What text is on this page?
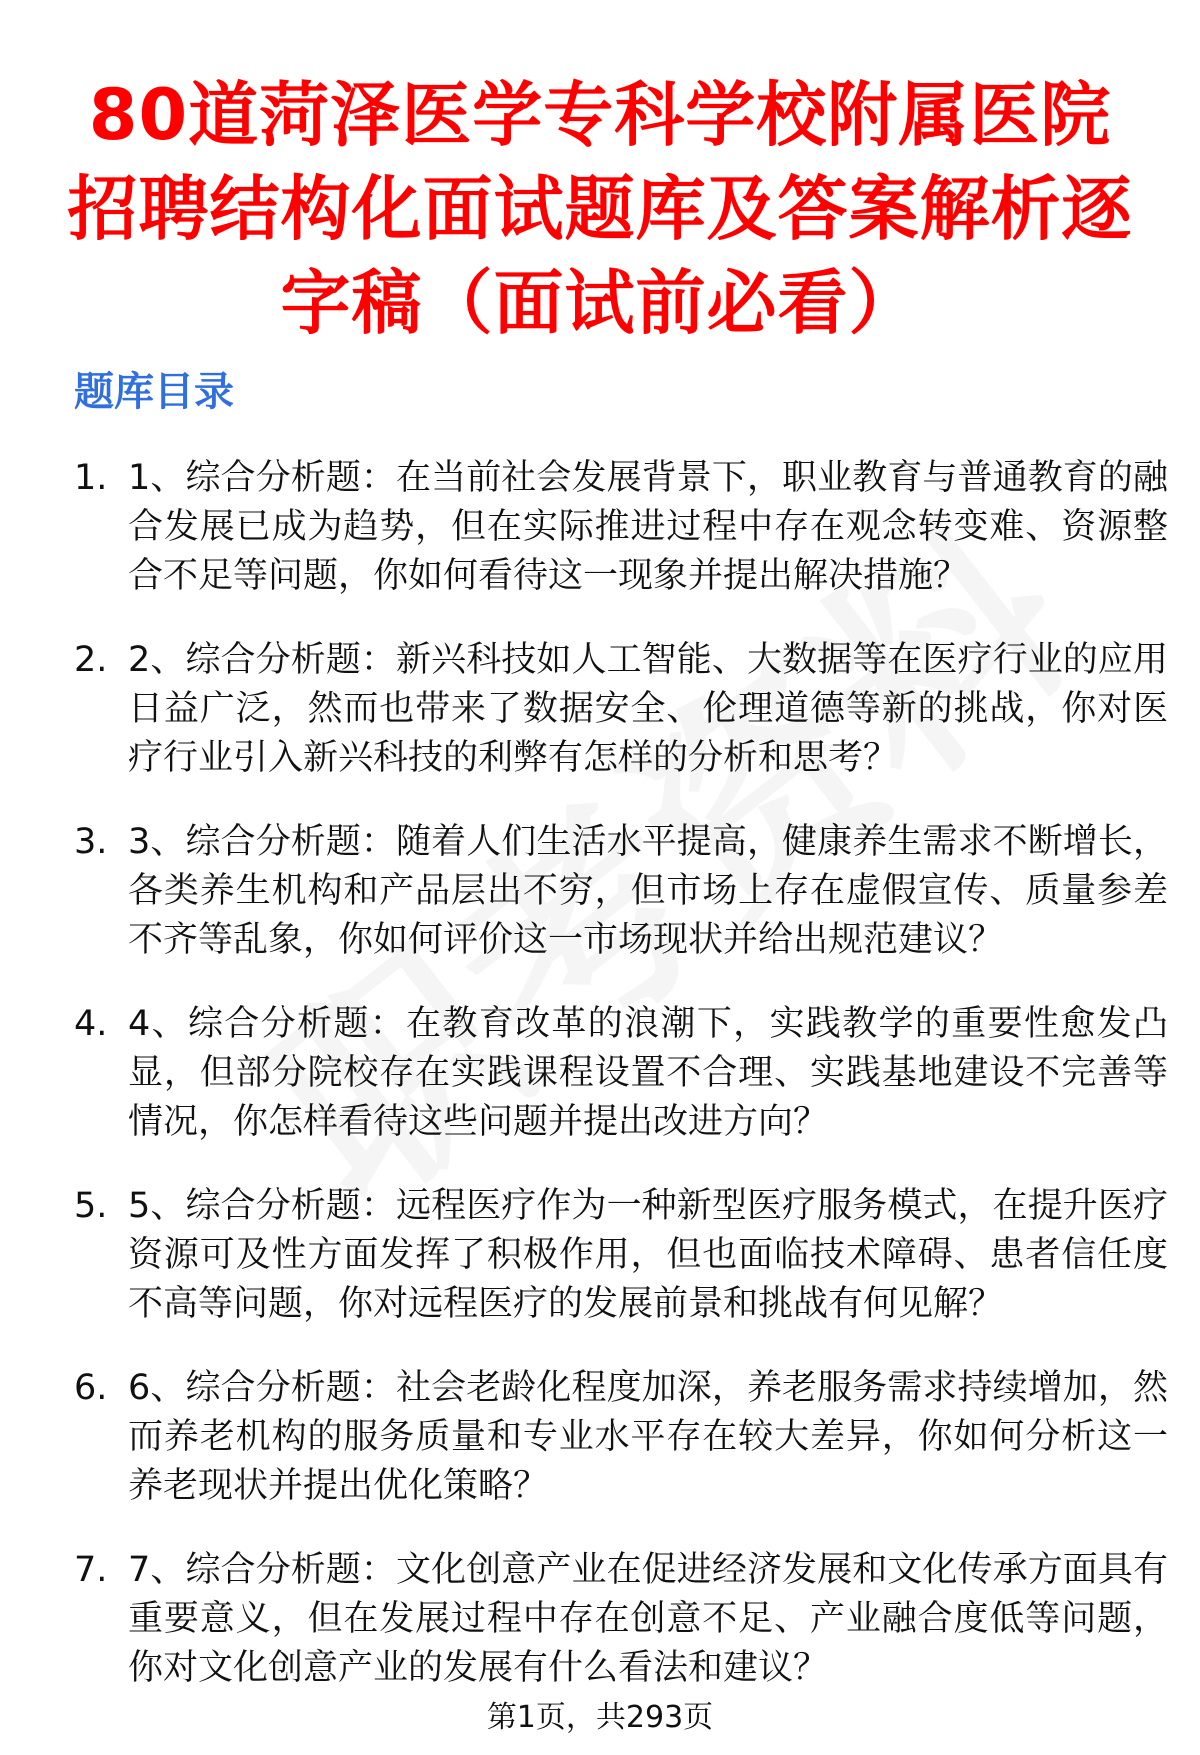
80道菏泽医学专科学校附属医院招聘结构化面试题库及答案解析逐字稿（面试前必看）
题库目录
1. 1、综合分析题：在当前社会发展背景下，职业教育与普通教育的融合发展已成为趋势，但在实际推进过程中存在观念转变难、资源整合不足等问题，你如何看待这一现象并提出解决措施？
2. 2、综合分析题：新兴科技如人工智能、大数据等在医疗行业的应用日益广泛，然而也带来了数据安全、伦理道德等新的挑战，你对医疗行业引入新兴科技的利弊有怎样的分析和思考？
3. 3、综合分析题：随着人们生活水平提高，健康养生需求不断增长，各类养生机构和产品层出不穷，但市场上存在虚假宣传、质量参差不齐等乱象，你如何评价这一市场现状并给出规范建议？
4. 4、综合分析题：在教育改革的浪潮下，实践教学的重要性愈发凸显，但部分院校存在实践课程设置不合理、实践基地建设不完善等情况，你怎样看待这些问题并提出改进方向？
5. 5、综合分析题：远程医疗作为一种新型医疗服务模式，在提升医疗资源可及性方面发挥了积极作用，但也面临技术障碍、患者信任度不高等问题，你对远程医疗的发展前景和挑战有何见解？
6. 6、综合分析题：社会老龄化程度加深，养老服务需求持续增加，然而养老机构的服务质量和专业水平存在较大差异，你如何分析这一养老现状并提出优化策略？
7. 7、综合分析题：文化创意产业在促进经济发展和文化传承方面具有重要意义，但在发展过程中存在创意不足、产业融合度低等问题，你对文化创意产业的发展有什么看法和建议？
第1页，共293页
